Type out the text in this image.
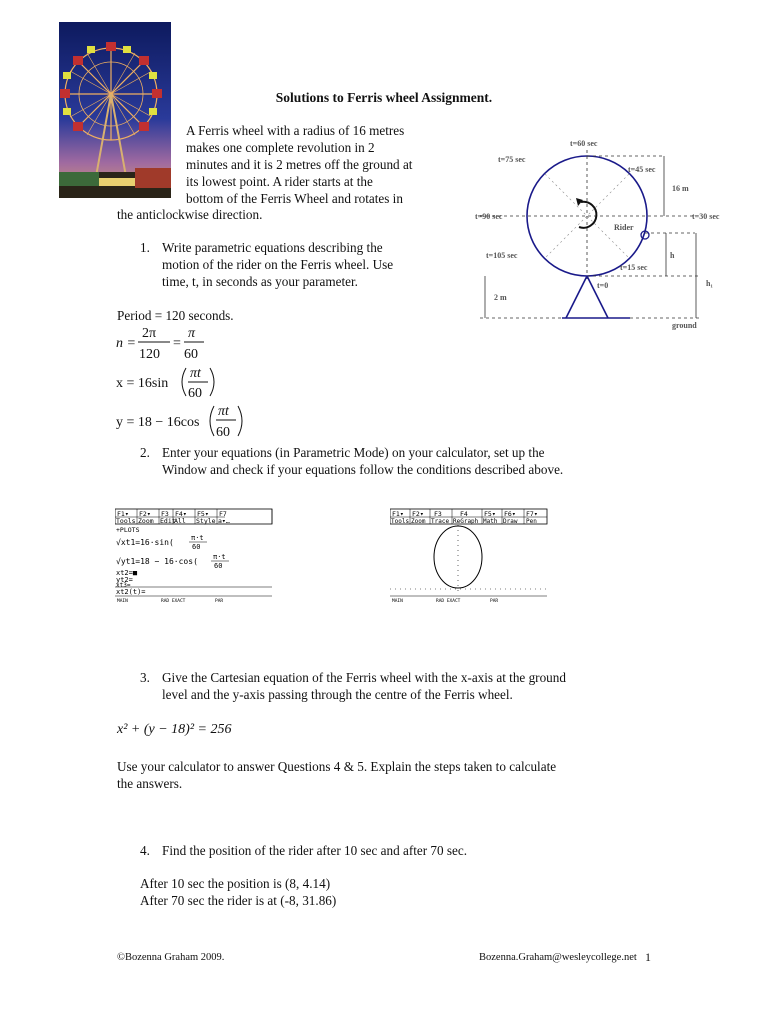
Solutions to Ferris wheel Assignment.
A Ferris wheel with a radius of 16 metres
makes one complete revolution in 2
minutes and it is 2 metres off the ground at
its lowest point. A rider starts at the
bottom of the Ferris Wheel and rotates in
the anticlockwise direction.
1. Write parametric equations describing the
motion of the rider on the Ferris wheel. Use
time, t, in seconds as your parameter.
Period = 120 seconds.
n =
2π
120
=
π
60
x = 16sin
πt
60
y = 18 − 16cos
πt
60
t=60 sec
t=75 sec
t=45 sec
t=90 sec	t=30 sec
t=105 sec
t=15 sec
t=0
16 m
2 m
Rider
h
h₁
ground
2. Enter your equations (in Parametric Mode) on your calculator, set up the
Window and check if your equations follow the conditions described above.
F1▾ F2▾ F3 F4▾ F5▾ F7
Tools Zoom Edit
All Style a▾…
+PLOTS
√xt1=16·sin( π·t
60
√yt1=18 − 16·cos( π·t
60
xt2=■
yt2=
xt3=
xt2(t)=
MAIN	RAD EXACT	PAR
F1▾ F2▾ F3	F4 F5▾ F6▾ F7▾
Tools Zoom Trace ReGraph Math Draw Pen
MAIN	RAD EXACT	PAR
3. Give the Cartesian equation of the Ferris wheel with the x-axis at the ground
level and the y-axis passing through the centre of the Ferris wheel.
x² + (y − 18)² = 256
Use your calculator to answer Questions 4 & 5. Explain the steps taken to calculate
the answers.
4. Find the position of the rider after 10 sec and after 70 sec.
After 10 sec the position is (8, 4.14)
After 70 sec the rider is at (-8, 31.86)
©Bozenna Graham 2009.	Bozenna.Graham@wesleycollege.net 1
